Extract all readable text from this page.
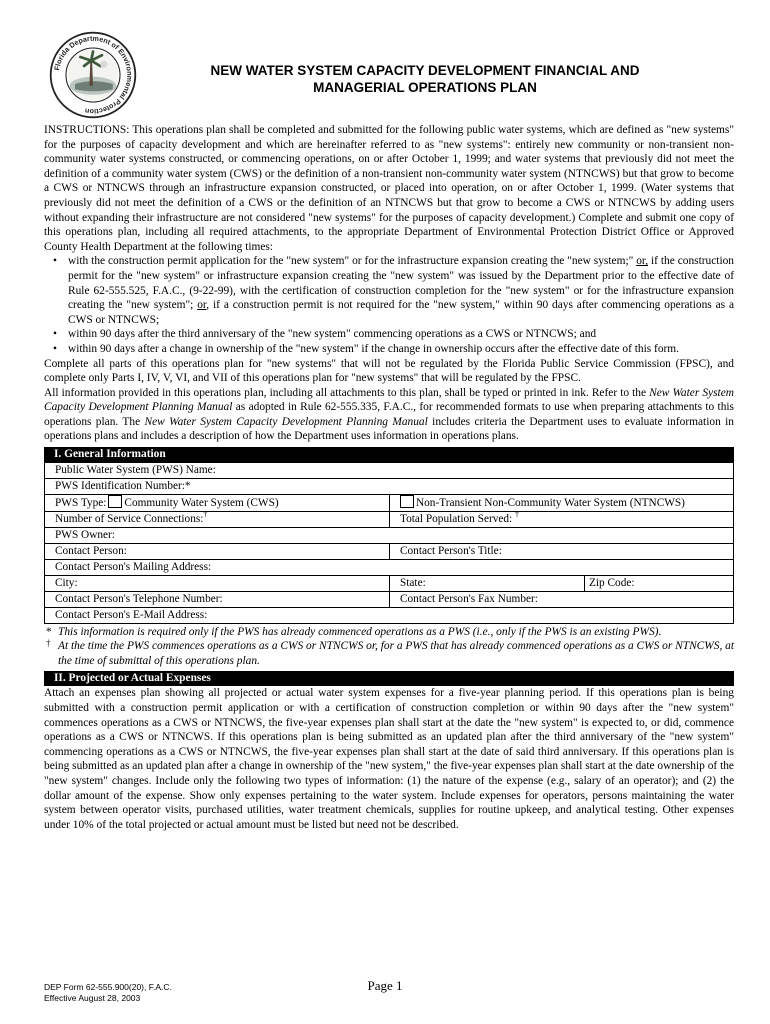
Florida Department of Environmental Protection
NEW WATER SYSTEM CAPACITY DEVELOPMENT FINANCIAL AND
MANAGERIAL OPERATIONS PLAN

INSTRUCTIONS: This operations plan shall be completed and submitted for the following public water systems, which are defined as "new systems" for the purposes of capacity development and which are hereinafter referred to as "new systems": entirely new community or non-transient non-community water systems constructed, or commencing operations, on or after October 1, 1999; and water systems that previously did not meet the definition of a community water system (CWS) or the definition of a non-transient non-community water system (NTNCWS) but that grow to become a CWS or NTNCWS through an infrastructure expansion constructed, or placed into operation, on or after October 1, 1999. (Water systems that previously did not meet the definition of a CWS or the definition of an NTNCWS but that grow to become a CWS or NTNCWS by adding users without expanding their infrastructure are not considered "new systems" for the purposes of capacity development.) Complete and submit one copy of this operations plan, including all required attachments, to the appropriate Department of Environmental Protection District Office or Approved County Health Department at the following times:

• with the construction permit application for the "new system" or for the infrastructure expansion creating the "new system;" or, if the construction permit for the "new system" or infrastructure expansion creating the "new system" was issued by the Department prior to the effective date of Rule 62-555.525, F.A.C., (9-22-99), with the certification of construction completion for the "new system" or for the infrastructure expansion creating the "new system"; or, if a construction permit is not required for the "new system," within 90 days after commencing operations as a CWS or NTNCWS;
• within 90 days after the third anniversary of the "new system" commencing operations as a CWS or NTNCWS; and
• within 90 days after a change in ownership of the "new system" if the change in ownership occurs after the effective date of this form.

Complete all parts of this operations plan for "new systems" that will not be regulated by the Florida Public Service Commission (FPSC), and complete only Parts I, IV, V, VI, and VII of this operations plan for "new systems" that will be regulated by the FPSC.

All information provided in this operations plan, including all attachments to this plan, shall be typed or printed in ink. Refer to the New Water System Capacity Development Planning Manual as adopted in Rule 62-555.335, F.A.C., for recommended formats to use when preparing attachments to this operations plan. The New Water System Capacity Development Planning Manual includes criteria the Department uses to evaluate information in operations plans and includes a description of how the Department uses information in operations plans.

I. General Information
Public Water System (PWS) Name:		
PWS Identification Number:*		
PWS Type: Community Water System (CWS)	Non-Transient Non-Community Water System (NTNCWS)	
Number of Service Connections:†	Total Population Served: †
PWS Owner:		
Contact Person:	Contact Person's Title:	
Contact Person's Mailing Address:		
City:	State:	Zip Code:
Contact Person's Telephone Number:	Contact Person's Fax Number:	
Contact Person's E-Mail Address:		
* This information is required only if the PWS has already commenced operations as a PWS (i.e., only if the PWS is an existing PWS).
† At the time the PWS commences operations as a CWS or NTNCWS or, for a PWS that has already commenced operations as a CWS or NTNCWS, at the time of submittal of this operations plan.
II. Projected or Actual Expenses

Attach an expenses plan showing all projected or actual water system expenses for a five-year planning period. If this operations plan is being submitted with a construction permit application or with a certification of construction completion or within 90 days after the "new system" commences operations as a CWS or NTNCWS, the five-year expenses plan shall start at the date the "new system" is expected to, or did, commence operations as a CWS or NTNCWS. If this operations plan is being submitted as an updated plan after the third anniversary of the "new system" commencing operations as a CWS or NTNCWS, the five-year expenses plan shall start at the date of said third anniversary. If this operations plan is being submitted as an updated plan after a change in ownership of the "new system," the five-year expenses plan shall start at the date ownership of the "new system" changes. Include only the following two types of information: (1) the nature of the expense (e.g., salary of an operator); and (2) the dollar amount of the expense. Show only expenses pertaining to the water system. Include expenses for operators, persons maintaining the water system between operator visits, purchased utilities, water treatment chemicals, supplies for routine upkeep, and analytical testing. Other expenses under 10% of the total projected or actual amount must be listed but need not be described.

DEP Form 62-555.900(20), F.A.C.
Effective August 28, 2003
Page 1
